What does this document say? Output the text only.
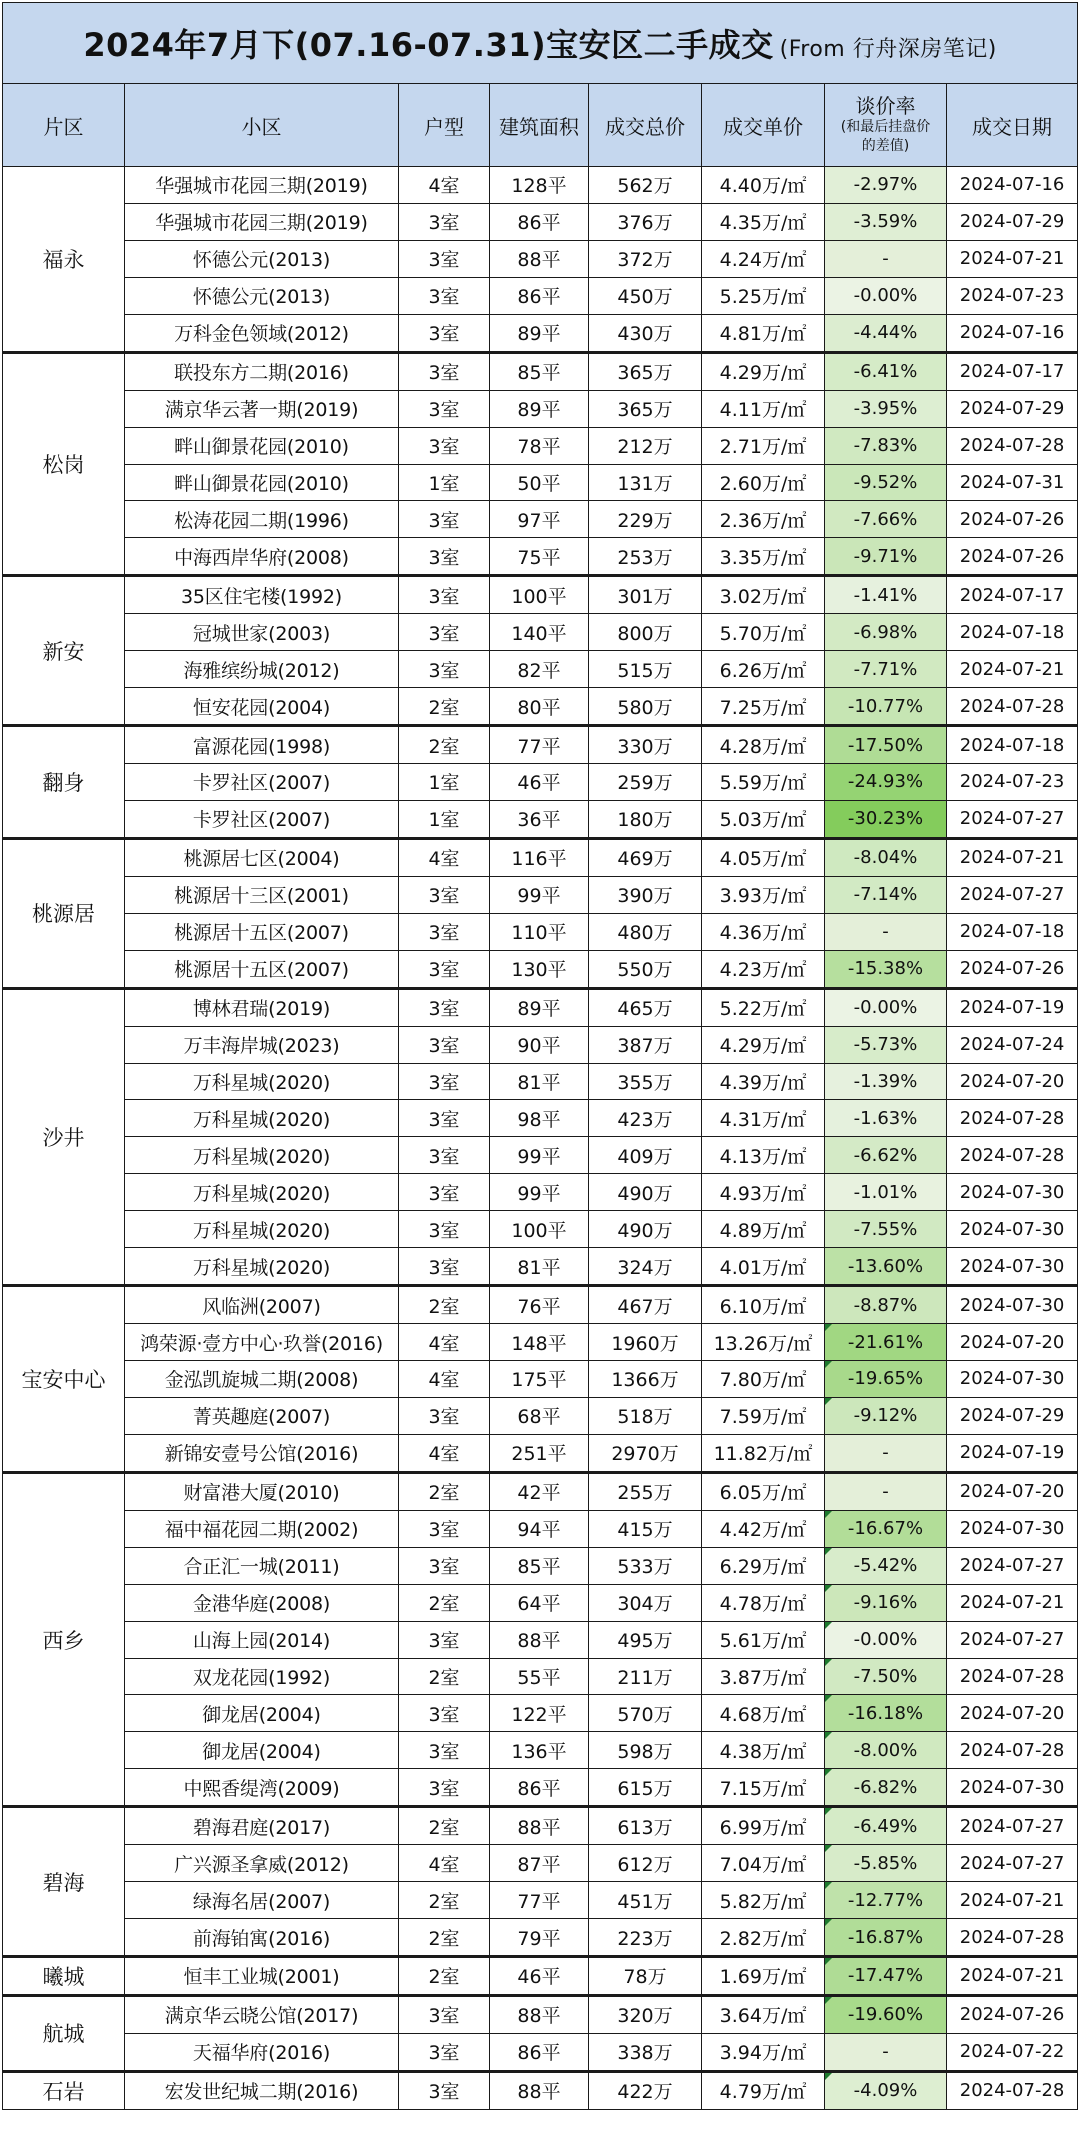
2024年7月下(07.16-07.31)宝安区二手成交 (From 行舟深房笔记)							
片区	小区	户型	建筑面积	成交总价	成交单价	谈价率
(和最后挂盘价
的差值)	成交日期
福永	华强城市花园三期(2019)	4室	128平	562万	4.40万/㎡	-2.97%	2024-07-16
	华强城市花园三期(2019)	3室	86平	376万	4.35万/㎡	-3.59%	2024-07-29
	怀德公元(2013)	3室	88平	372万	4.24万/㎡	-	2024-07-21
	怀德公元(2013)	3室	86平	450万	5.25万/㎡	-0.00%	2024-07-23
	万科金色领域(2012)	3室	89平	430万	4.81万/㎡	-4.44%	2024-07-16
松岗	联投东方二期(2016)	3室	85平	365万	4.29万/㎡	-6.41%	2024-07-17
	满京华云著一期(2019)	3室	89平	365万	4.11万/㎡	-3.95%	2024-07-29
	畔山御景花园(2010)	3室	78平	212万	2.71万/㎡	-7.83%	2024-07-28
	畔山御景花园(2010)	1室	50平	131万	2.60万/㎡	-9.52%	2024-07-31
	松涛花园二期(1996)	3室	97平	229万	2.36万/㎡	-7.66%	2024-07-26
	中海西岸华府(2008)	3室	75平	253万	3.35万/㎡	-9.71%	2024-07-26
新安	35区住宅楼(1992)	3室	100平	301万	3.02万/㎡	-1.41%	2024-07-17
	冠城世家(2003)	3室	140平	800万	5.70万/㎡	-6.98%	2024-07-18
	海雅缤纷城(2012)	3室	82平	515万	6.26万/㎡	-7.71%	2024-07-21
	恒安花园(2004)	2室	80平	580万	7.25万/㎡	-10.77%	2024-07-28
翻身	富源花园(1998)	2室	77平	330万	4.28万/㎡	-17.50%	2024-07-18
	卡罗社区(2007)	1室	46平	259万	5.59万/㎡	-24.93%	2024-07-23
	卡罗社区(2007)	1室	36平	180万	5.03万/㎡	-30.23%	2024-07-27
桃源居	桃源居七区(2004)	4室	116平	469万	4.05万/㎡	-8.04%	2024-07-21
	桃源居十三区(2001)	3室	99平	390万	3.93万/㎡	-7.14%	2024-07-27
	桃源居十五区(2007)	3室	110平	480万	4.36万/㎡	-	2024-07-18
	桃源居十五区(2007)	3室	130平	550万	4.23万/㎡	-15.38%	2024-07-26
沙井	博林君瑞(2019)	3室	89平	465万	5.22万/㎡	-0.00%	2024-07-19
	万丰海岸城(2023)	3室	90平	387万	4.29万/㎡	-5.73%	2024-07-24
	万科星城(2020)	3室	81平	355万	4.39万/㎡	-1.39%	2024-07-20
	万科星城(2020)	3室	98平	423万	4.31万/㎡	-1.63%	2024-07-28
	万科星城(2020)	3室	99平	409万	4.13万/㎡	-6.62%	2024-07-28
	万科星城(2020)	3室	99平	490万	4.93万/㎡	-1.01%	2024-07-30
	万科星城(2020)	3室	100平	490万	4.89万/㎡	-7.55%	2024-07-30
	万科星城(2020)	3室	81平	324万	4.01万/㎡	-13.60%	2024-07-30
宝安中心	风临洲(2007)	2室	76平	467万	6.10万/㎡	-8.87%	2024-07-30
	鸿荣源·壹方中心·玖誉(2016)	4室	148平	1960万	13.26万/㎡	-21.61%	2024-07-20
	金泓凯旋城二期(2008)	4室	175平	1366万	7.80万/㎡	-19.65%	2024-07-30
	菁英趣庭(2007)	3室	68平	518万	7.59万/㎡	-9.12%	2024-07-29
	新锦安壹号公馆(2016)	4室	251平	2970万	11.82万/㎡	-	2024-07-19
西乡	财富港大厦(2010)	2室	42平	255万	6.05万/㎡	-	2024-07-20
	福中福花园二期(2002)	3室	94平	415万	4.42万/㎡	-16.67%	2024-07-30
	合正汇一城(2011)	3室	85平	533万	6.29万/㎡	-5.42%	2024-07-27
	金港华庭(2008)	2室	64平	304万	4.78万/㎡	-9.16%	2024-07-21
	山海上园(2014)	3室	88平	495万	5.61万/㎡	-0.00%	2024-07-27
	双龙花园(1992)	2室	55平	211万	3.87万/㎡	-7.50%	2024-07-28
	御龙居(2004)	3室	122平	570万	4.68万/㎡	-16.18%	2024-07-20
	御龙居(2004)	3室	136平	598万	4.38万/㎡	-8.00%	2024-07-28
	中熙香缇湾(2009)	3室	86平	615万	7.15万/㎡	-6.82%	2024-07-30
碧海	碧海君庭(2017)	2室	88平	613万	6.99万/㎡	-6.49%	2024-07-27
	广兴源圣拿威(2012)	4室	87平	612万	7.04万/㎡	-5.85%	2024-07-27
	绿海名居(2007)	2室	77平	451万	5.82万/㎡	-12.77%	2024-07-21
	前海铂寓(2016)	2室	79平	223万	2.82万/㎡	-16.87%	2024-07-28
曦城	恒丰工业城(2001)	2室	46平	78万	1.69万/㎡	-17.47%	2024-07-21
航城	满京华云晓公馆(2017)	3室	88平	320万	3.64万/㎡	-19.60%	2024-07-26
	天福华府(2016)	3室	86平	338万	3.94万/㎡	-	2024-07-22
石岩	宏发世纪城二期(2016)	3室	88平	422万	4.79万/㎡	-4.09%	2024-07-28
